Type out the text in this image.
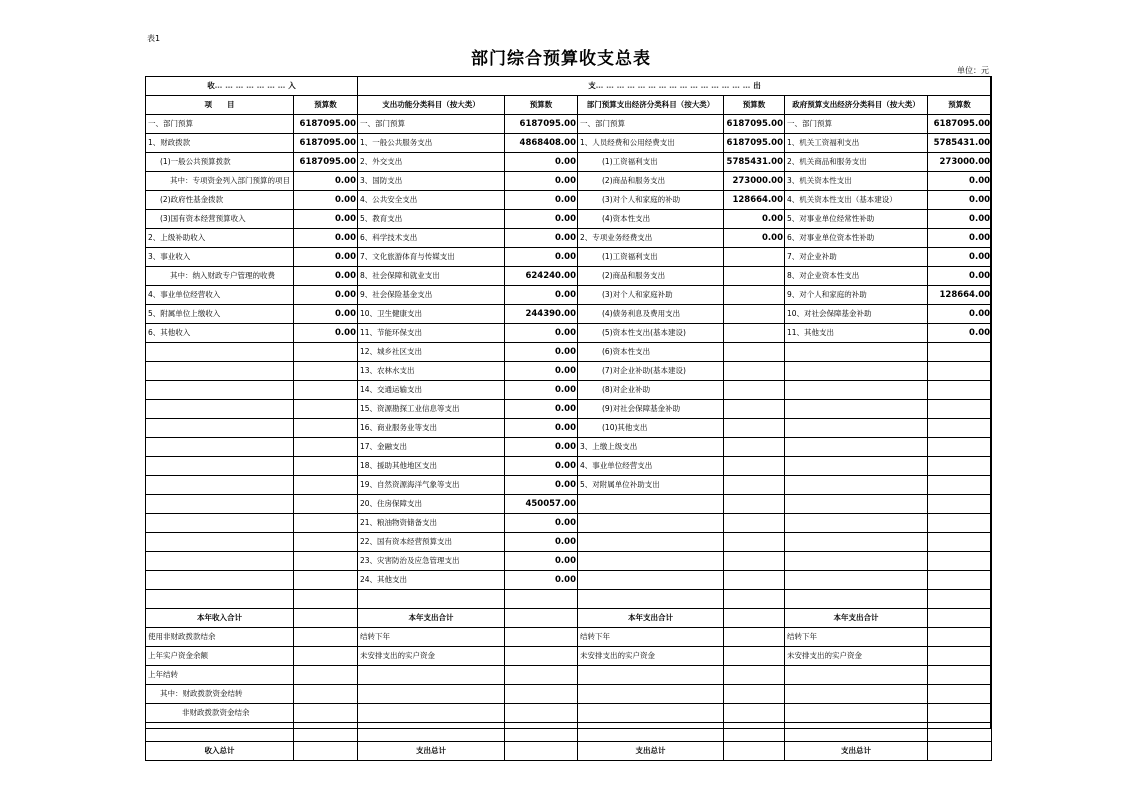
表1
部门综合预算收支总表
单位：元
收…………………入		支………………………………………出					
项　　目	预算数	支出功能分类科目（按大类）	预算数	部门预算支出经济分类科目（按大类）	预算数	政府预算支出经济分类科目（按大类）	预算数
一、部门预算	6187095.00	一、部门预算	6187095.00	一、部门预算	6187095.00	一、部门预算	6187095.00
1、财政拨款	6187095.00	1、一般公共服务支出	4868408.00	1、人员经费和公用经费支出	6187095.00	1、机关工资福利支出	5785431.00
(1)一般公共预算拨款	6187095.00	2、外交支出	0.00	(1)工资福利支出	5785431.00	2、机关商品和服务支出	273000.00
其中：专项资金列入部门预算的项目	0.00	3、国防支出	0.00	(2)商品和服务支出	273000.00	3、机关资本性支出	0.00
(2)政府性基金拨款	0.00	4、公共安全支出	0.00	(3)对个人和家庭的补助	128664.00	4、机关资本性支出（基本建设）	0.00
(3)国有资本经营预算收入	0.00	5、教育支出	0.00	(4)资本性支出	0.00	5、对事业单位经常性补助	0.00
2、上级补助收入	0.00	6、科学技术支出	0.00	2、专项业务经费支出	0.00	6、对事业单位资本性补助	0.00
3、事业收入	0.00	7、文化旅游体育与传媒支出	0.00	(1)工资福利支出		7、对企业补助	0.00
其中：纳入财政专户管理的收费	0.00	8、社会保障和就业支出	624240.00	(2)商品和服务支出		8、对企业资本性支出	0.00
4、事业单位经营收入	0.00	9、社会保险基金支出	0.00	(3)对个人和家庭补助		9、对个人和家庭的补助	128664.00
5、附属单位上缴收入	0.00	10、卫生健康支出	244390.00	(4)债务利息及费用支出		10、对社会保障基金补助	0.00
6、其他收入	0.00	11、节能环保支出	0.00	(5)资本性支出(基本建设)		11、其他支出	0.00
		12、城乡社区支出	0.00	(6)资本性支出			
		13、农林水支出	0.00	(7)对企业补助(基本建设)			
		14、交通运输支出	0.00	(8)对企业补助			
		15、资源勘探工业信息等支出	0.00	(9)对社会保障基金补助			
		16、商业服务业等支出	0.00	(10)其他支出			
		17、金融支出	0.00	3、上缴上级支出			
		18、援助其他地区支出	0.00	4、事业单位经营支出			
		19、自然资源海洋气象等支出	0.00	5、对附属单位补助支出			
		20、住房保障支出	450057.00				
		21、粮油物资储备支出	0.00				
		22、国有资本经营预算支出	0.00				
		23、灾害防治及应急管理支出	0.00				
		24、其他支出	0.00				

本年收入合计		本年支出合计		本年支出合计		本年支出合计	
使用非财政拨款结余		结转下年		结转下年		结转下年	
上年实户资金余额		未安排支出的实户资金		未安排支出的实户资金		未安排支出的实户资金	
上年结转							
其中：财政拨款资金结转							
非财政拨款资金结余							

收入总计		支出总计		支出总计		支出总计	
